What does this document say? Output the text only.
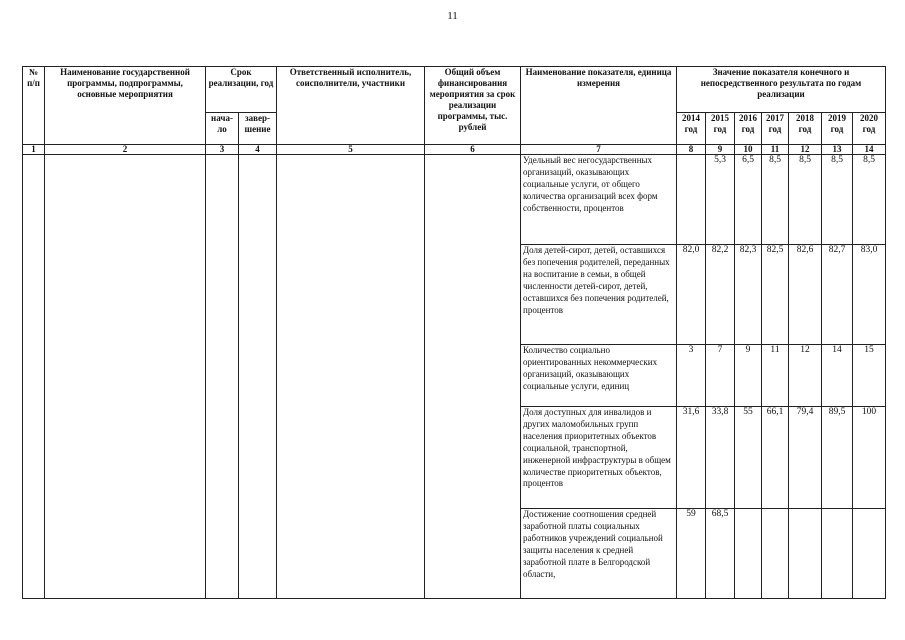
11
№ п/п	Наименование государственной программы, подпрограммы, основные мероприятия	Срок реализации, год		Ответственный исполнитель, соисполнители, участники	Общий объем финансирования мероприятия за срок реализации программы, тыс. рублей	Наименование показателя, единица измерения	Значение показателя конечного и непосредственного результата по годам реализации						
		нача-ло	завер-шение				2014 год	2015 год	2016 год	2017 год	2018 год	2019 год	2020 год
1	2	3	4	5	6	7	8	9	10	11	12	13	14
						Удельный вес негосударственных организаций, оказывающих социальные услуги, от общего количества организаций всех форм собственности, процентов		5,3	6,5	8,5	8,5	8,5	8,5
						Доля детей-сирот, детей, оставшихся без попечения родителей, переданных на воспитание в семьи, в общей численности детей-сирот, детей, оставшихся без попечения родителей, процентов	82,0	82,2	82,3	82,5	82,6	82,7	83,0
						Количество социально ориентированных некоммерческих организаций, оказывающих социальные услуги, единиц	3	7	9	11	12	14	15
						Доля доступных для инвалидов и других маломобильных групп населения приоритетных объектов социальной, транспортной, инженерной инфраструктуры в общем количестве приоритетных объектов, процентов	31,6	33,8	55	66,1	79,4	89,5	100
						Достижение соотношения средней заработной платы социальных работников учреждений социальной защиты населения к средней заработной плате в Белгородской области,	59	68,5					
